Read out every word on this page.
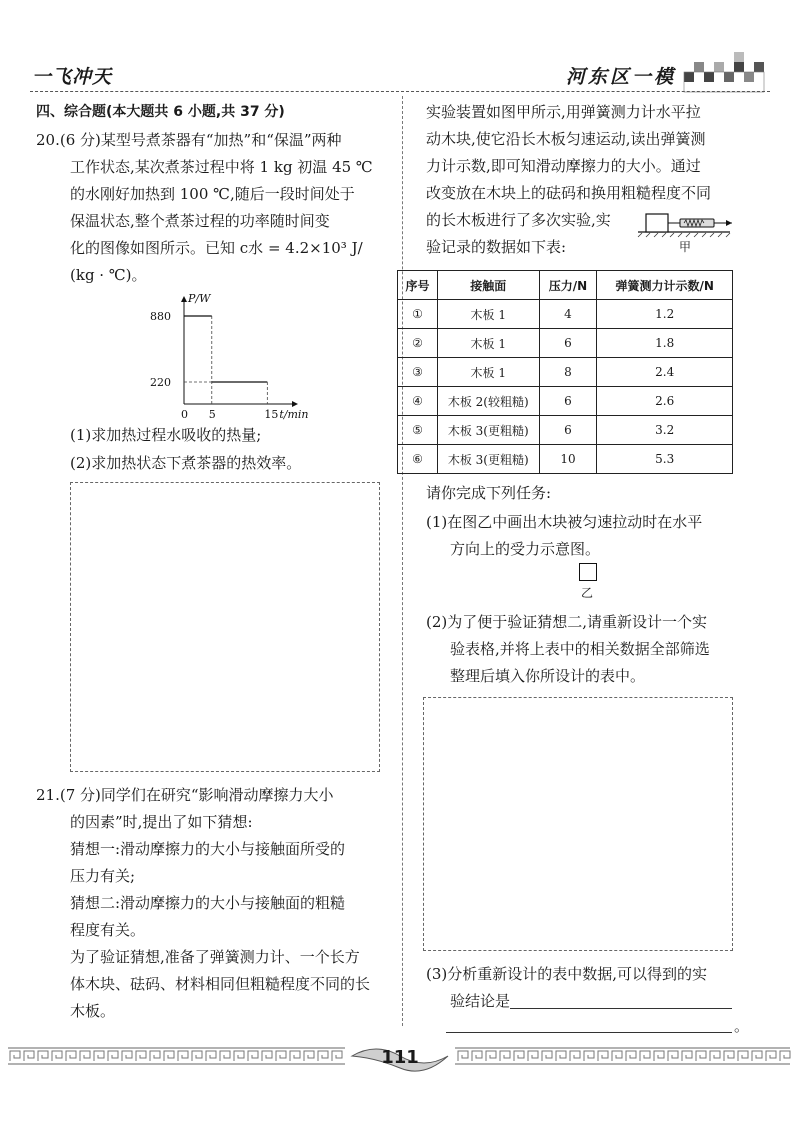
一飞冲天	河东区一模
四、综合题(本大题共 6 小题,共 37 分)
20.(6 分)某型号煮茶器有“加热”和“保温”两种
工作状态,某次煮茶过程中将 1 kg 初温 45 ℃
的水刚好加热到 100 ℃,随后一段时间处于
保温状态,整个煮茶过程的功率随时间变
化的图像如图所示。已知 c水 = 4.2×10³ J/
(kg · ℃)。
880
220
0 5	15
P/W
t/min
(1)求加热过程水吸收的热量;
(2)求加热状态下煮茶器的热效率。
21.(7 分)同学们在研究“影响滑动摩擦力大小
的因素”时,提出了如下猜想:
猜想一:滑动摩擦力的大小与接触面所受的
压力有关;
猜想二:滑动摩擦力的大小与接触面的粗糙
程度有关。
为了验证猜想,准备了弹簧测力计、一个长方
体木块、砝码、材料相同但粗糙程度不同的长
木板。
实验装置如图甲所示,用弹簧测力计水平拉
动木块,使它沿长木板匀速运动,读出弹簧测
力计示数,即可知滑动摩擦力的大小。通过
改变放在木块上的砝码和换用粗糙程度不同
的长木板进行了多次实验,实
验记录的数据如下表:	甲
序号	接触面	压力/N	弹簧测力计示数/N
①	木板 1	4	1.2
②	木板 1	6	1.8
③	木板 1	8	2.4
④	木板 2(较粗糙)	6	2.6
⑤	木板 3(更粗糙)	6	3.2
⑥	木板 3(更粗糙)	10	5.3
请你完成下列任务:
(1)在图乙中画出木块被匀速拉动时在水平
方向上的受力示意图。
乙
(2)为了便于验证猜想二,请重新设计一个实
验表格,并将上表中的相关数据全部筛选
整理后填入你所设计的表中。
(3)分析重新设计的表中数据,可以得到的实
验结论是
。
111
